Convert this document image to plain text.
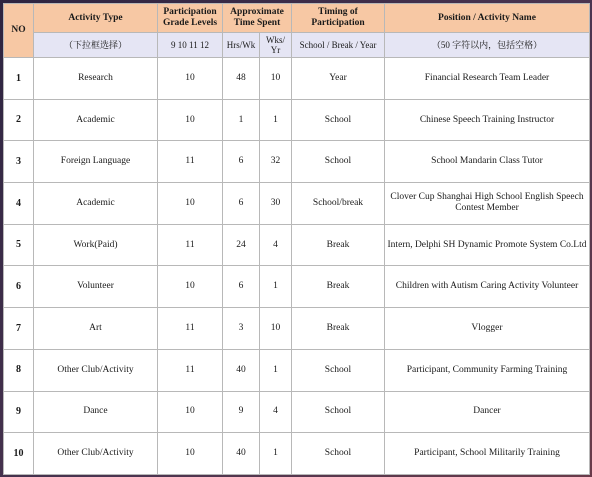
NO	Activity Type	Participation Grade Levels	Approximate Time Spent		Timing of Participation	Position / Activity Name
	（下拉框选择）	9 10 11 12	Hrs/Wk	Wks/ Yr	School / Break / Year	（50 字符以内，包括空格）
1	Research	10	48	10	Year	Financial Research Team Leader
2	Academic	10	1	1	School	Chinese Speech Training Instructor
3	Foreign Language	11	6	32	School	School Mandarin Class Tutor
4	Academic	10	6	30	School/break	Clover Cup Shanghai High School English Speech Contest Member
5	Work(Paid)	11	24	4	Break	Intern, Delphi SH Dynamic Promote System Co.Ltd
6	Volunteer	10	6	1	Break	Children with Autism Caring Activity Volunteer
7	Art	11	3	10	Break	Vlogger
8	Other Club/Activity	11	40	1	School	Participant, Community Farming Training
9	Dance	10	9	4	School	Dancer
10	Other Club/Activity	10	40	1	School	Participant, School Militarily Training
